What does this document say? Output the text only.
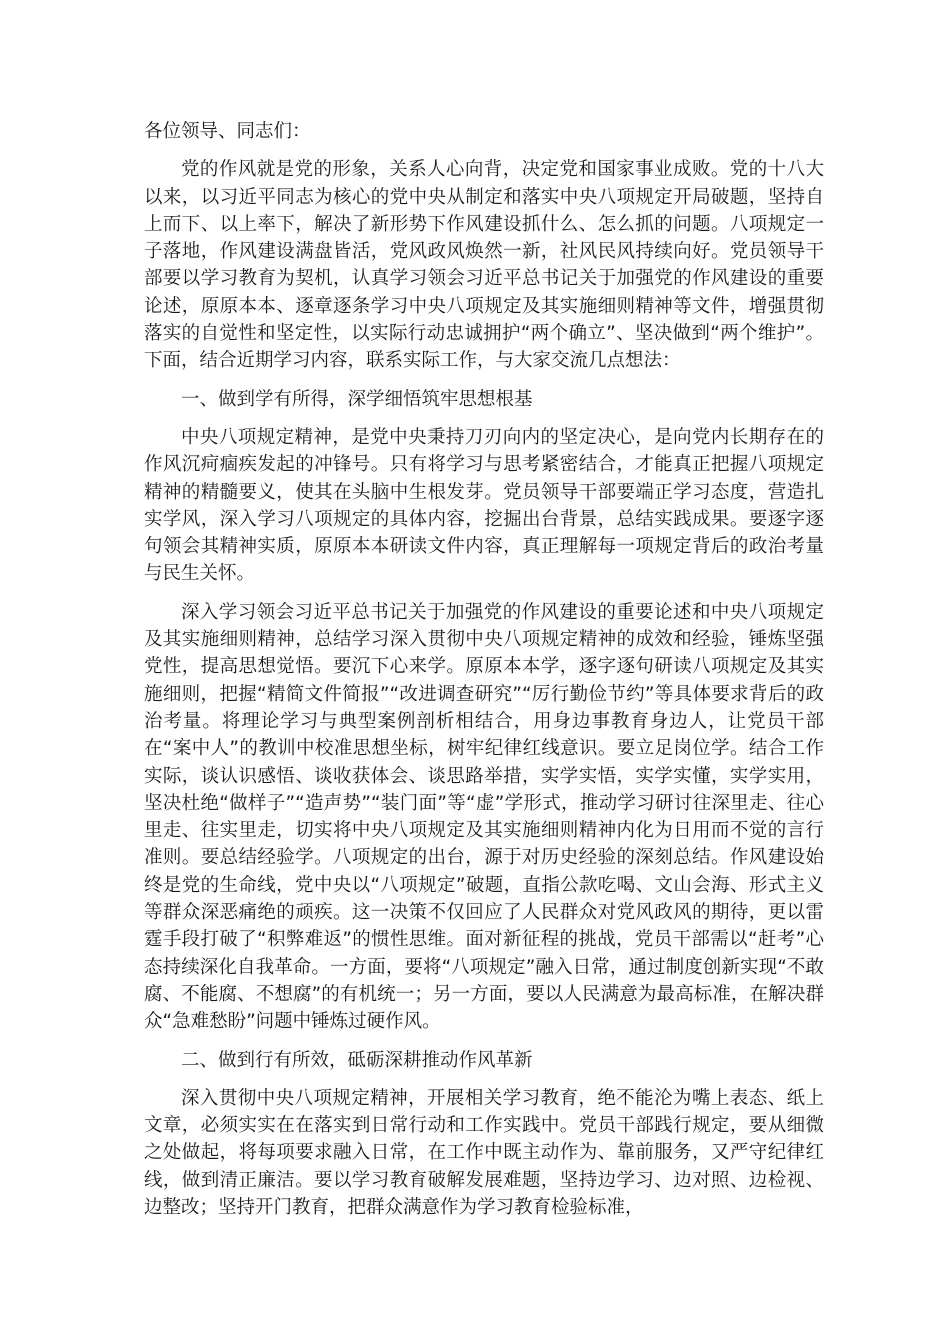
各位领导、同志们：

党的作风就是党的形象，关系人心向背，决定党和国家事业成败。党的十八大以来，以习近平同志为核心的党中央从制定和落实中央八项规定开局破题，坚持自上而下、以上率下，解决了新形势下作风建设抓什么、怎么抓的问题。八项规定一子落地，作风建设满盘皆活，党风政风焕然一新，社风民风持续向好。党员领导干部要以学习教育为契机，认真学习领会习近平总书记关于加强党的作风建设的重要论述，原原本本、逐章逐条学习中央八项规定及其实施细则精神等文件，增强贯彻落实的自觉性和坚定性，以实际行动忠诚拥护“两个确立”、坚决做到“两个维护”。下面，结合近期学习内容，联系实际工作，与大家交流几点想法：

一、做到学有所得，深学细悟筑牢思想根基

中央八项规定精神，是党中央秉持刀刃向内的坚定决心，是向党内长期存在的作风沉疴痼疾发起的冲锋号。只有将学习与思考紧密结合，才能真正把握八项规定精神的精髓要义，使其在头脑中生根发芽。党员领导干部要端正学习态度，营造扎实学风，深入学习八项规定的具体内容，挖掘出台背景，总结实践成果。要逐字逐句领会其精神实质，原原本本研读文件内容，真正理解每一项规定背后的政治考量与民生关怀。

深入学习领会习近平总书记关于加强党的作风建设的重要论述和中央八项规定及其实施细则精神，总结学习深入贯彻中央八项规定精神的成效和经验，锤炼坚强党性，提高思想觉悟。要沉下心来学。原原本本学，逐字逐句研读八项规定及其实施细则，把握“精简文件简报”“改进调查研究”“厉行勤俭节约”等具体要求背后的政治考量。将理论学习与典型案例剖析相结合，用身边事教育身边人，让党员干部在“案中人”的教训中校准思想坐标，树牢纪律红线意识。要立足岗位学。结合工作实际，谈认识感悟、谈收获体会、谈思路举措，实学实悟，实学实懂，实学实用，坚决杜绝“做样子”“造声势”“装门面”等“虚”学形式，推动学习研讨往深里走、往心里走、往实里走，切实将中央八项规定及其实施细则精神内化为日用而不觉的言行准则。要总结经验学。八项规定的出台，源于对历史经验的深刻总结。作风建设始终是党的生命线，党中央以“八项规定”破题，直指公款吃喝、文山会海、形式主义等群众深恶痛绝的顽疾。这一决策不仅回应了人民群众对党风政风的期待，更以雷霆手段打破了“积弊难返”的惯性思维。面对新征程的挑战，党员干部需以“赶考”心态持续深化自我革命。一方面，要将“八项规定”融入日常，通过制度创新实现“不敢腐、不能腐、不想腐”的有机统一；另一方面，要以人民满意为最高标准，在解决群众“急难愁盼”问题中锤炼过硬作风。

二、做到行有所效，砥砺深耕推动作风革新

深入贯彻中央八项规定精神，开展相关学习教育，绝不能沦为嘴上表态、纸上文章，必须实实在在落实到日常行动和工作实践中。党员干部践行规定，要从细微之处做起，将每项要求融入日常，在工作中既主动作为、靠前服务，又严守纪律红线，做到清正廉洁。要以学习教育破解发展难题，坚持边学习、边对照、边检视、边整改；坚持开门教育，把群众满意作为学习教育检验标准，
